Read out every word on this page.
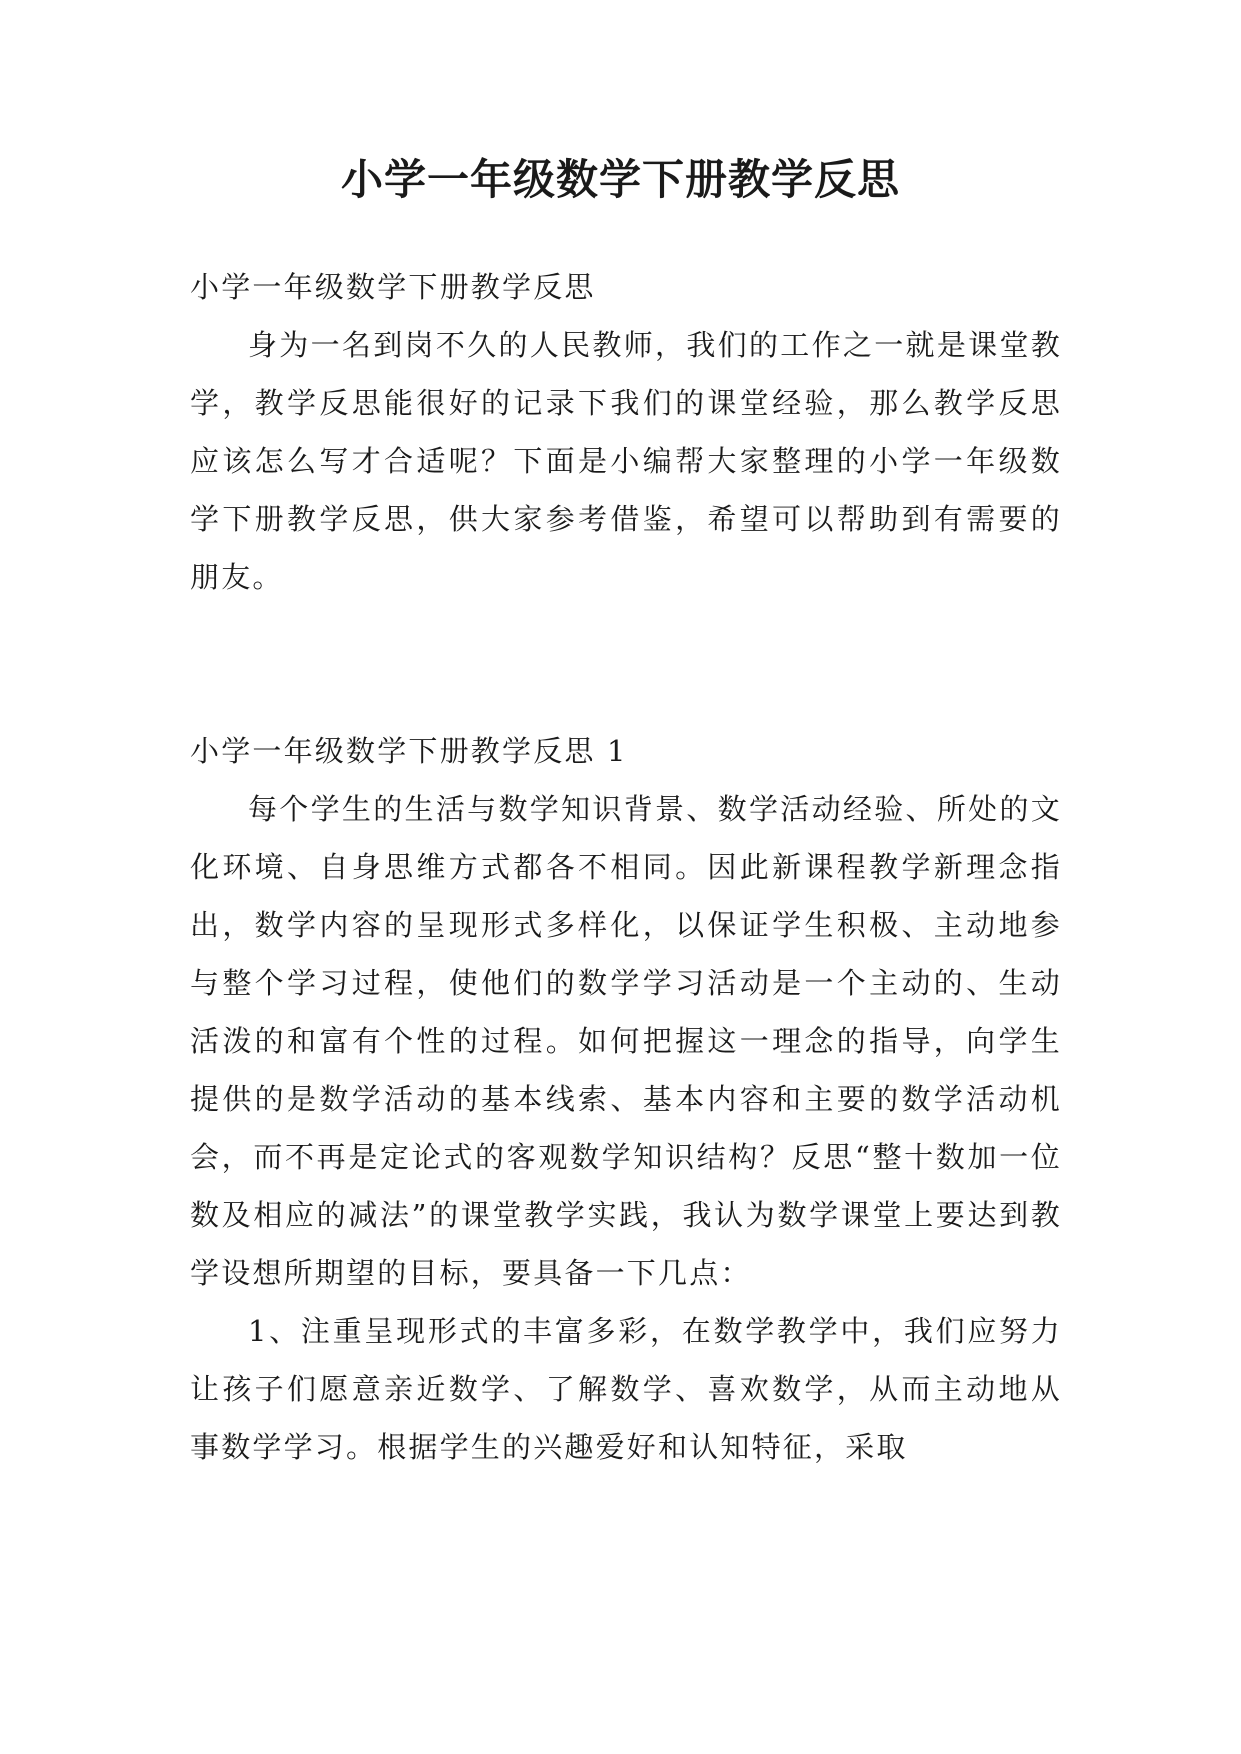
小学一年级数学下册教学反思

小学一年级数学下册教学反思

身为一名到岗不久的人民教师，我们的工作之一就是课堂教学，教学反思能很好的记录下我们的课堂经验，那么教学反思应该怎么写才合适呢？下面是小编帮大家整理的小学一年级数学下册教学反思，供大家参考借鉴，希望可以帮助到有需要的朋友。

小学一年级数学下册教学反思 1

每个学生的生活与数学知识背景、数学活动经验、所处的文化环境、自身思维方式都各不相同。因此新课程教学新理念指出，数学内容的呈现形式多样化，以保证学生积极、主动地参与整个学习过程，使他们的数学学习活动是一个主动的、生动活泼的和富有个性的过程。如何把握这一理念的指导，向学生提供的是数学活动的基本线索、基本内容和主要的数学活动机会，而不再是定论式的客观数学知识结构？反思“整十数加一位数及相应的减法”的课堂教学实践，我认为数学课堂上要达到教学设想所期望的目标，要具备一下几点：

1、注重呈现形式的丰富多彩，在数学教学中，我们应努力让孩子们愿意亲近数学、了解数学、喜欢数学，从而主动地从事数学学习。根据学生的兴趣爱好和认知特征，采取
